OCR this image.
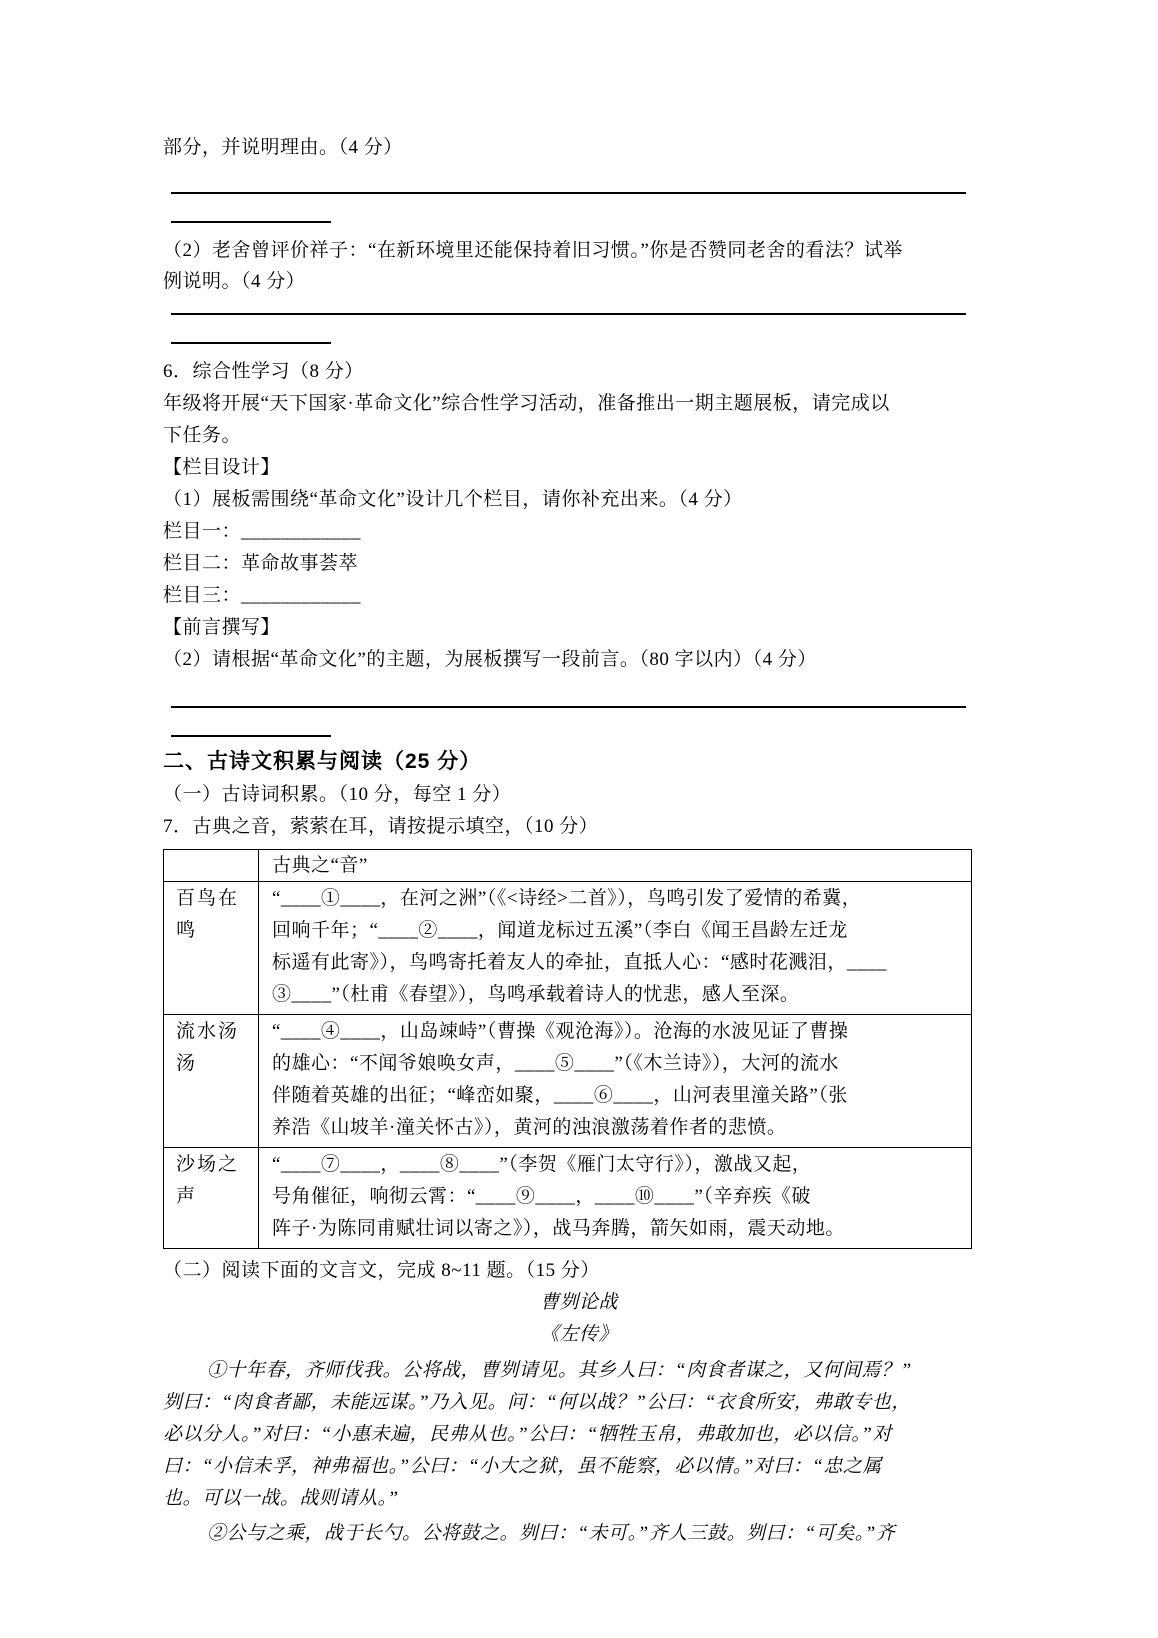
部分，并说明理由。（4 分）
（2）老舍曾评价祥子：“在新环境里还能保持着旧习惯。”你是否赞同老舍的看法？试举
例说明。（4 分）
6．综合性学习（8 分）
年级将开展“天下国家·革命文化”综合性学习活动，准备推出一期主题展板，请完成以
下任务。
【栏目设计】
（1）展板需围绕“革命文化”设计几个栏目，请你补充出来。（4 分）
栏目一：____________
栏目二：革命故事荟萃
栏目三：____________
【前言撰写】
（2）请根据“革命文化”的主题，为展板撰写一段前言。（80 字以内）（4 分）
二、古诗文积累与阅读（25 分）
（一）古诗词积累。（10 分，每空 1 分）
7．古典之音，萦萦在耳，请按提示填空，（10 分）
古典之“音”
百鸟在鸣
“____①____，在河之洲”（《<诗经>二首》），鸟鸣引发了爱情的希冀，
回响千年；“____②____，闻道龙标过五溪”（李白《闻王昌龄左迁龙
标遥有此寄》），鸟鸣寄托着友人的牵扯，直抵人心：“感时花溅泪，____
③____”（杜甫《春望》），鸟鸣承载着诗人的忧悲，感人至深。
流水汤汤
“____④____，山岛竦峙”（曹操《观沧海》）。沧海的水波见证了曹操
的雄心：“不闻爷娘唤女声，____⑤____”（《木兰诗》），大河的流水
伴随着英雄的出征；“峰峦如聚，____⑥____，山河表里潼关路”（张
养浩《山坡羊·潼关怀古》），黄河的浊浪激荡着作者的悲愤。
沙场之声
“____⑦____，____⑧____”（李贺《雁门太守行》），激战又起，
号角催征，响彻云霄：“____⑨____，____⑩____”（辛弃疾《破
阵子·为陈同甫赋壮词以寄之》），战马奔腾，箭矢如雨，震天动地。
（二）阅读下面的文言文，完成 8~11 题。（15 分）
曹刿论战
《左传》
①十年春，齐师伐我。公将战，曹刿请见。其乡人曰：“肉食者谋之，又何间焉？”
刿曰：“肉食者鄙，未能远谋。”乃入见。问：“何以战？”公曰：“衣食所安，弗敢专也，
必以分人。”对曰：“小惠未遍，民弗从也。”公曰：“牺牲玉帛，弗敢加也，必以信。”对
曰：“小信未孚，神弗福也。”公曰：“小大之狱，虽不能察，必以情。”对曰：“忠之属
也。可以一战。战则请从。”
②公与之乘，战于长勺。公将鼓之。刿曰：“未可。”齐人三鼓。刿曰：“可矣。”齐
